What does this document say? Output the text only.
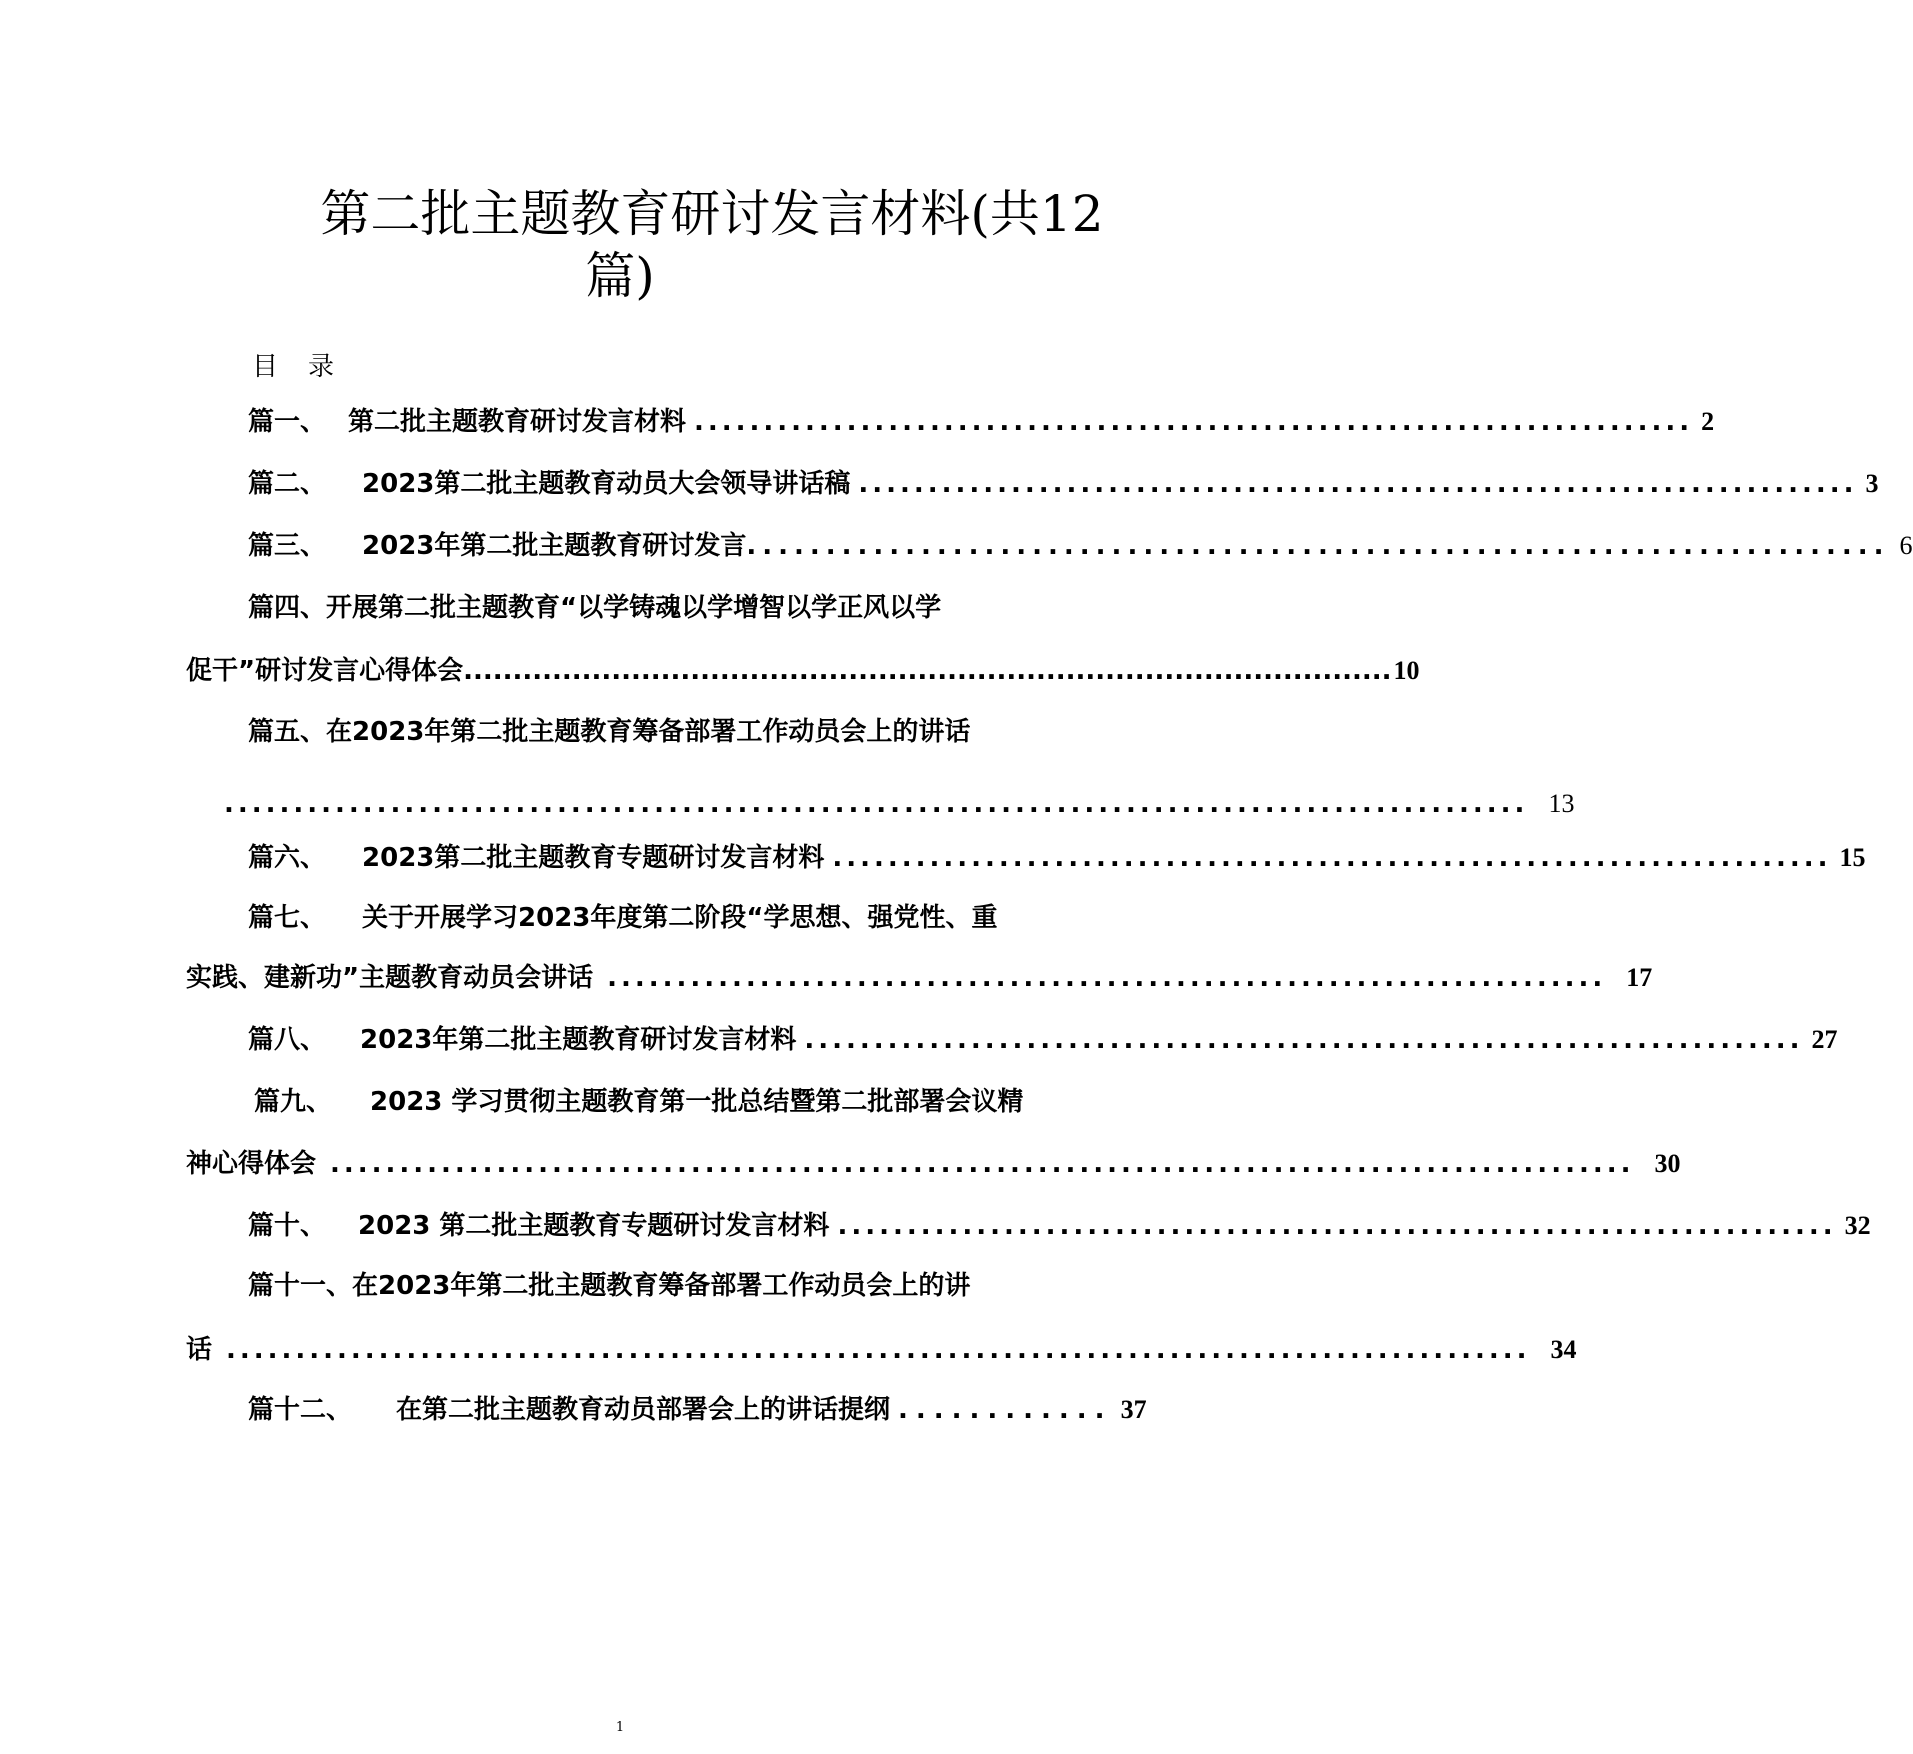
第二批主题教育研讨发言材料(共12
篇)
目录
篇一、 第二批主题教育研讨发言材料 ........................................................................ 2
篇二、 2023第二批主题教育动员大会领导讲话稿 ........................................................................ 3
篇三、 2023年第二批主题教育研讨发言 ........................................................................ 6
篇四、 开展第二批主题教育“以学铸魂以学增智以学正风以学
促干”研讨发言心得体会 .............................................................................................. 10
篇五、 在2023年第二批主题教育筹备部署工作动员会上的讲话
.............................................................................................. 13
篇六、 2023第二批主题教育专题研讨发言材料 ........................................................................ 15
篇七、 关于开展学习2023年度第二阶段“学思想、强党性、重
实践、建新功”主题教育动员会讲话 ........................................................................ 17
篇八、 2023年第二批主题教育研讨发言材料 ........................................................................ 27
篇九、 2023 学习贯彻主题教育第一批总结暨第二批部署会议精
神心得体会 .............................................................................................. 30
篇十、 2023 第二批主题教育专题研讨发言材料 ........................................................................ 32
篇十一、 在2023年第二批主题教育筹备部署工作动员会上的讲
话 .............................................................................................. 34
篇十二、 在第二批主题教育动员部署会上的讲话提纲 ............ 37
1
